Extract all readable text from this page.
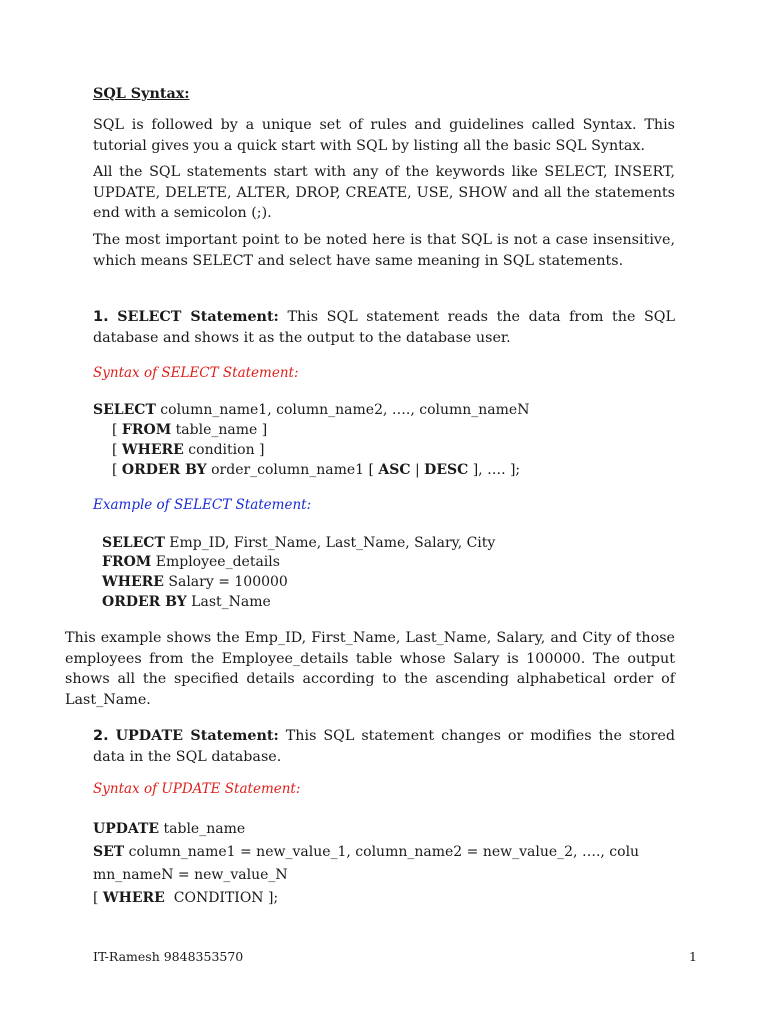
SQL Syntax:

SQL is followed by a unique set of rules and guidelines called Syntax. This tutorial gives you a quick start with SQL by listing all the basic SQL Syntax.

All the SQL statements start with any of the keywords like SELECT, INSERT, UPDATE, DELETE, ALTER, DROP, CREATE, USE, SHOW and all the statements end with a semicolon (;).

The most important point to be noted here is that SQL is not a case insensitive, which means SELECT and select have same meaning in SQL statements.

1. SELECT Statement: This SQL statement reads the data from the SQL database and shows it as the output to the database user.

Syntax of SELECT Statement:
SELECT column_name1, column_name2, …., column_nameN
[ FROM table_name ]
[ WHERE condition ]
[ ORDER BY order_column_name1 [ ASC | DESC ], …. ];
Example of SELECT Statement:
SELECT Emp_ID, First_Name, Last_Name, Salary, City
FROM Employee_details
WHERE Salary = 100000
ORDER BY Last_Name

This example shows the Emp_ID, First_Name, Last_Name, Salary, and City of those employees from the Employee_details table whose Salary is 100000. The output shows all the specified details according to the ascending alphabetical order of Last_Name.

2. UPDATE Statement: This SQL statement changes or modifies the stored data in the SQL database.

Syntax of UPDATE Statement:
UPDATE table_name
SET column_name1 = new_value_1, column_name2 = new_value_2, …., colu
mn_nameN = new_value_N
[ WHERE  CONDITION ];
IT-Ramesh 9848353570	1
